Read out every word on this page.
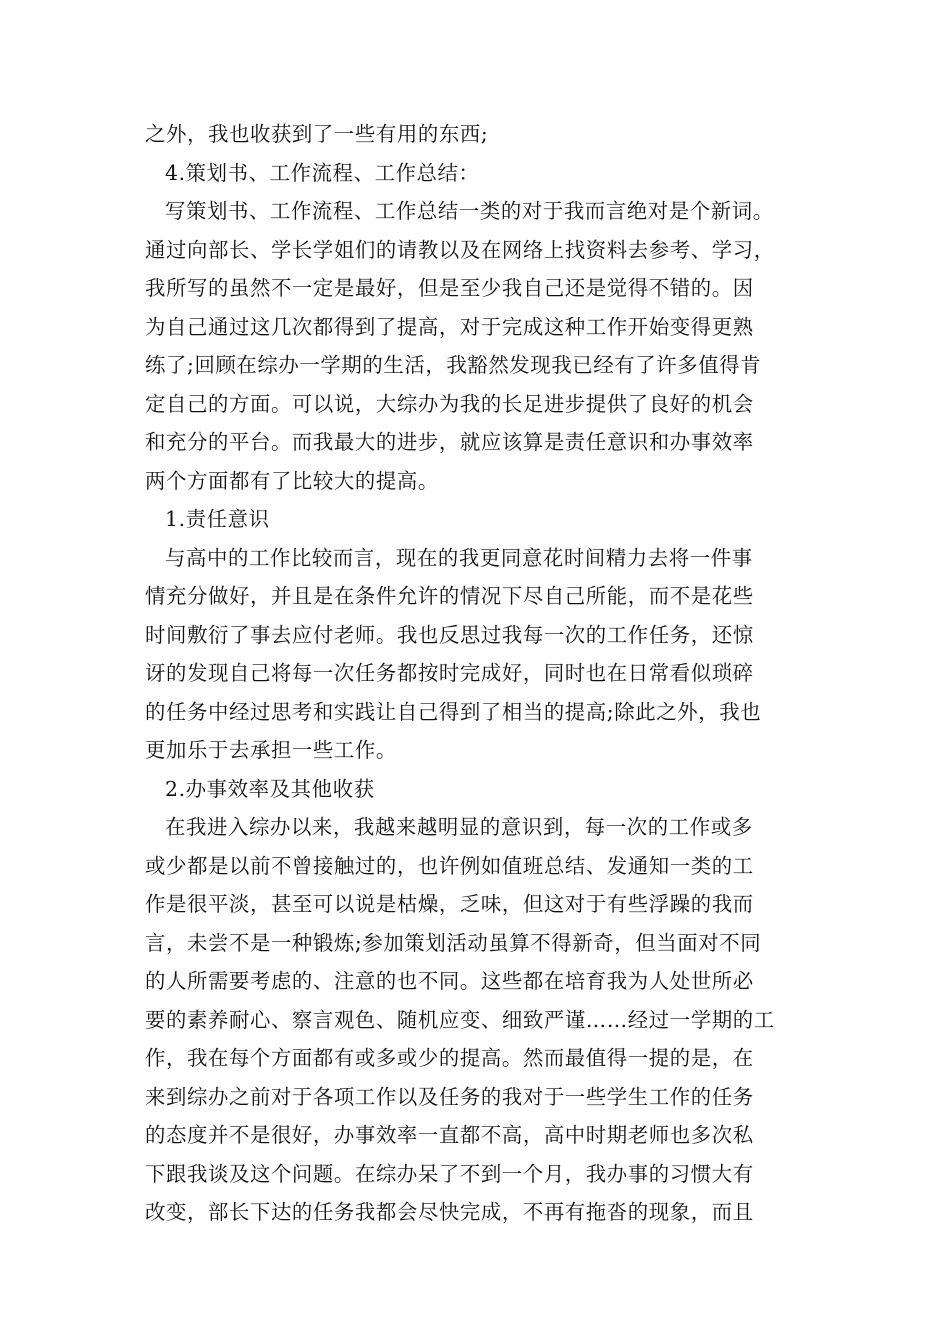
之外，我也收获到了一些有用的东西;
4.策划书、工作流程、工作总结：
写策划书、工作流程、工作总结一类的对于我而言绝对是个新词。
通过向部长、学长学姐们的请教以及在网络上找资料去参考、学习，
我所写的虽然不一定是最好，但是至少我自己还是觉得不错的。因
为自己通过这几次都得到了提高，对于完成这种工作开始变得更熟
练了;回顾在综办一学期的生活，我豁然发现我已经有了许多值得肯
定自己的方面。可以说，大综办为我的长足进步提供了良好的机会
和充分的平台。而我最大的进步，就应该算是责任意识和办事效率
两个方面都有了比较大的提高。
1.责任意识
与高中的工作比较而言，现在的我更同意花时间精力去将一件事
情充分做好，并且是在条件允许的情况下尽自己所能，而不是花些
时间敷衍了事去应付老师。我也反思过我每一次的工作任务，还惊
讶的发现自己将每一次任务都按时完成好，同时也在日常看似琐碎
的任务中经过思考和实践让自己得到了相当的提高;除此之外，我也
更加乐于去承担一些工作。
2.办事效率及其他收获
在我进入综办以来，我越来越明显的意识到，每一次的工作或多
或少都是以前不曾接触过的，也许例如值班总结、发通知一类的工
作是很平淡，甚至可以说是枯燥，乏味，但这对于有些浮躁的我而
言，未尝不是一种锻炼;参加策划活动虽算不得新奇，但当面对不同
的人所需要考虑的、注意的也不同。这些都在培育我为人处世所必
要的素养耐心、察言观色、随机应变、细致严谨……经过一学期的工
作，我在每个方面都有或多或少的提高。然而最值得一提的是，在
来到综办之前对于各项工作以及任务的我对于一些学生工作的任务
的态度并不是很好，办事效率一直都不高，高中时期老师也多次私
下跟我谈及这个问题。在综办呆了不到一个月，我办事的习惯大有
改变，部长下达的任务我都会尽快完成，不再有拖沓的现象，而且
